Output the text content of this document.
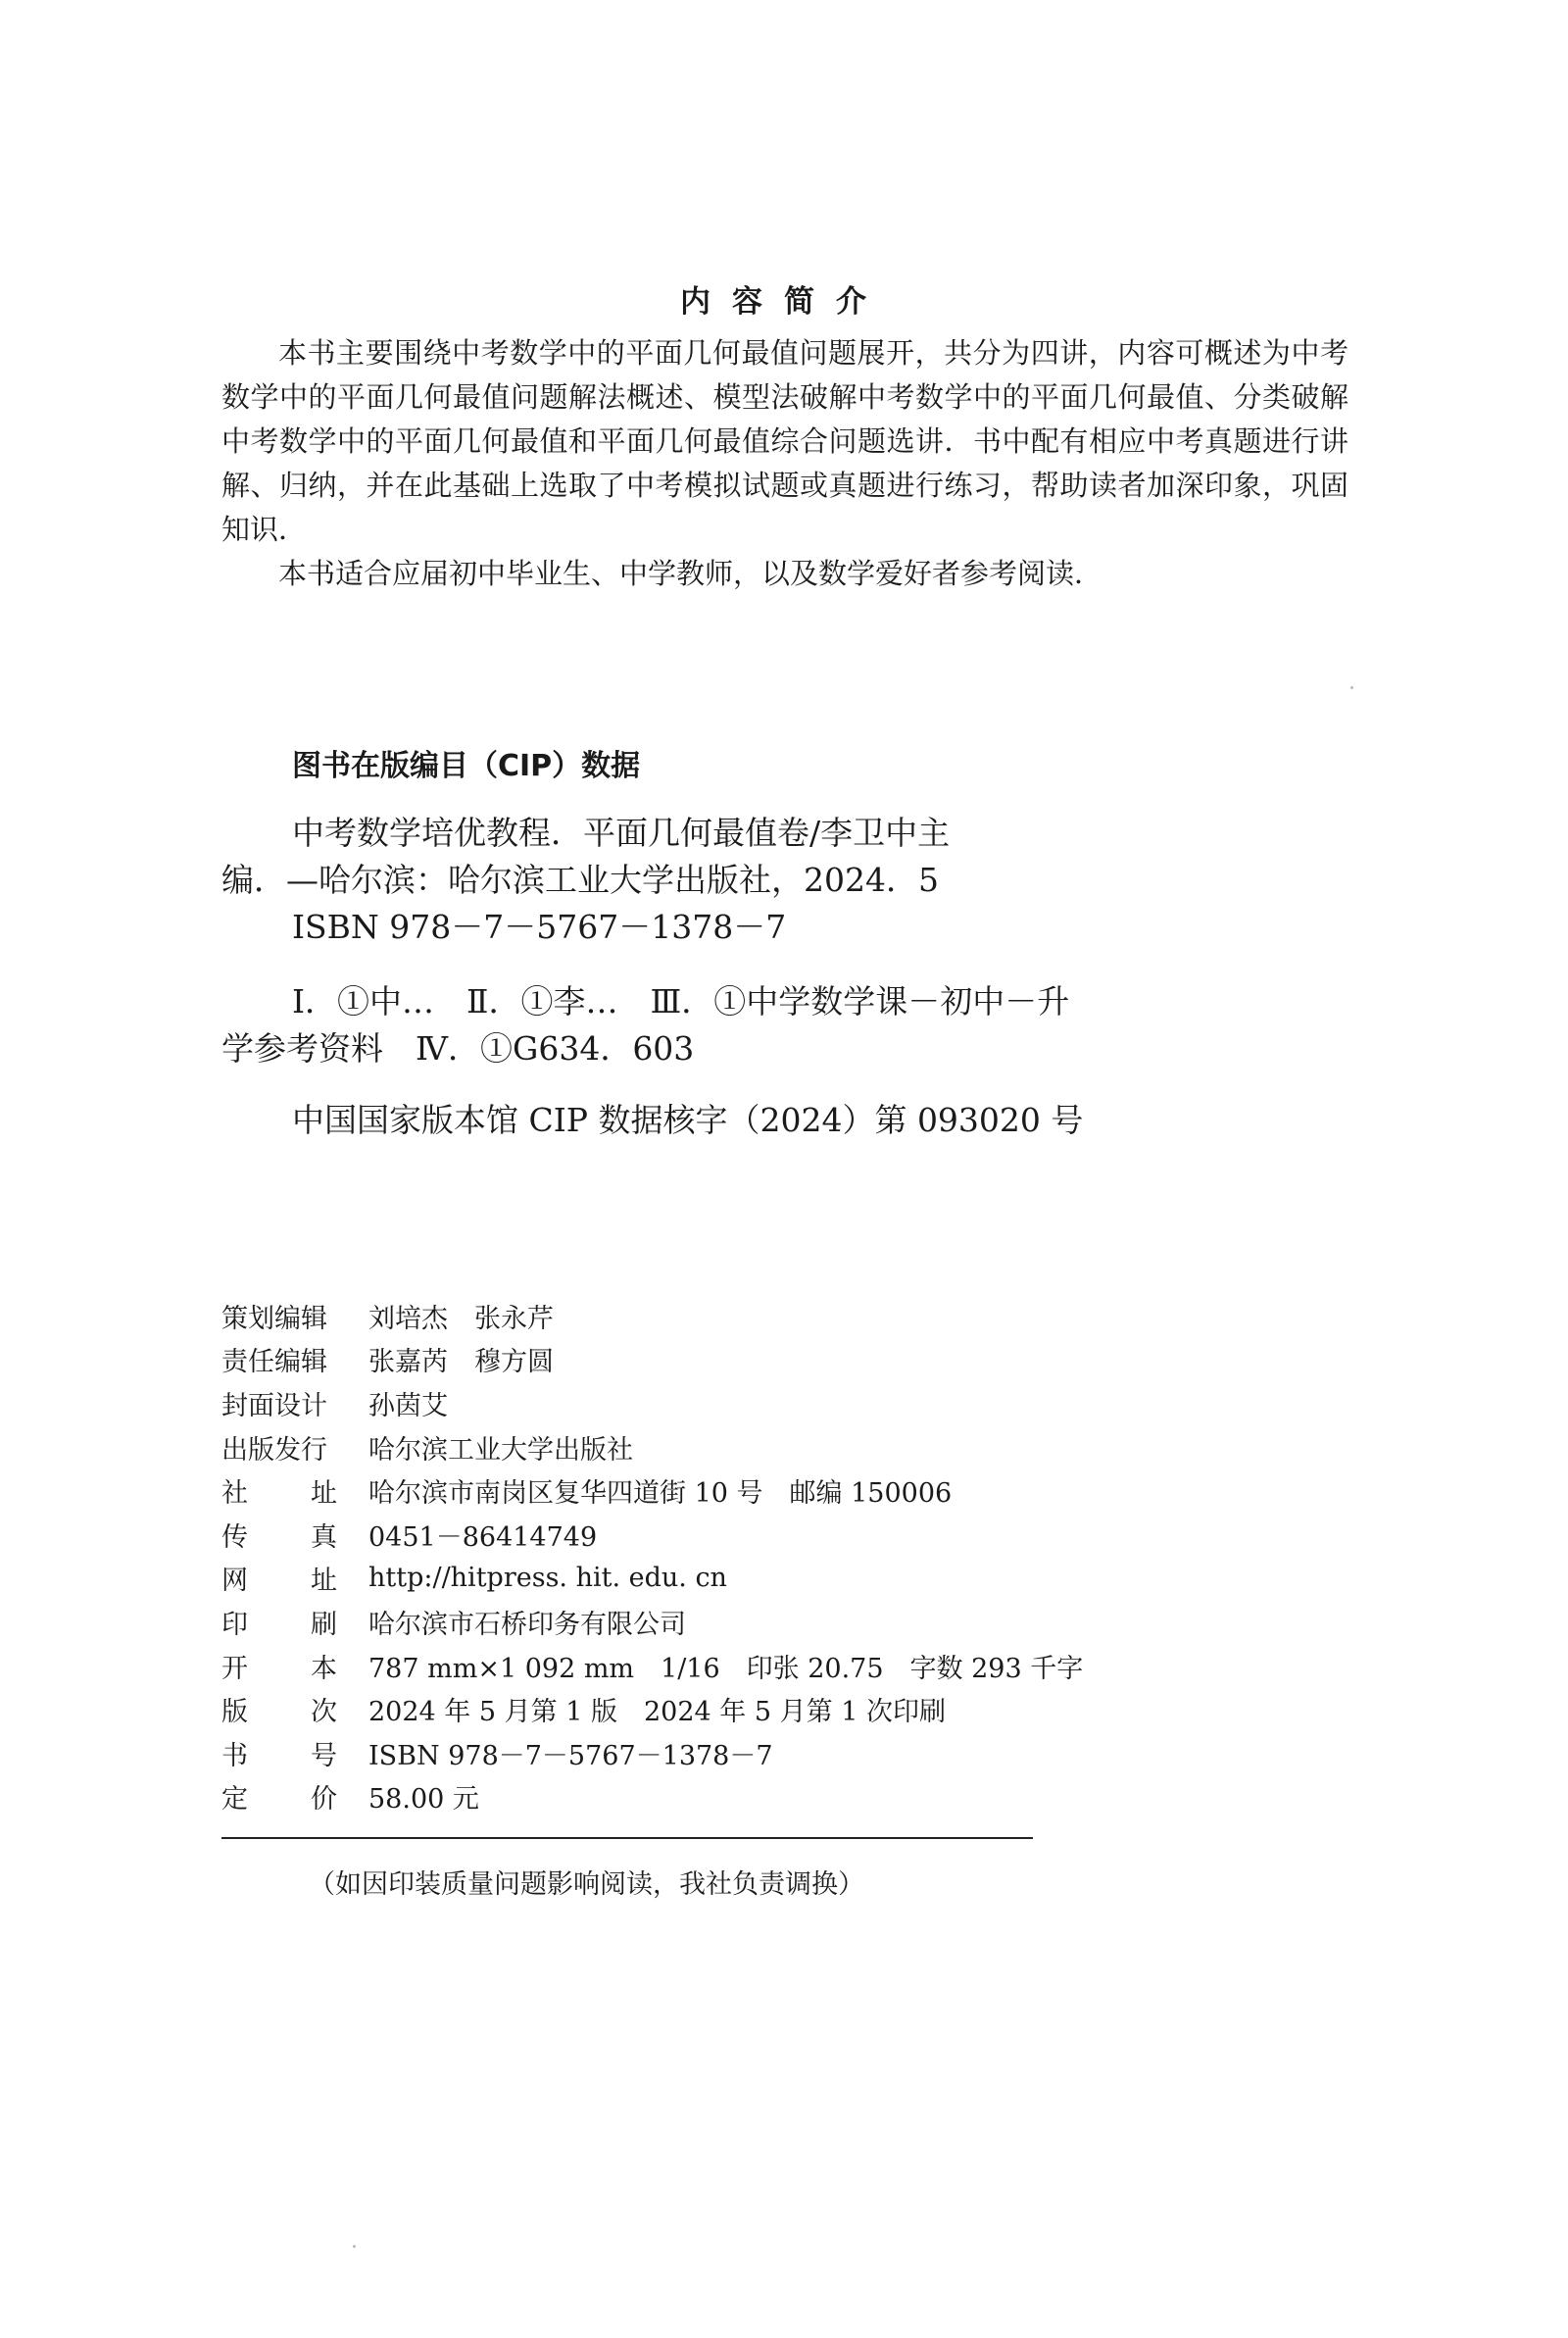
内容简介

本书主要围绕中考数学中的平面几何最值问题展开，共分为四讲，内容可概述为中考数学中的平面几何最值问题解法概述、模型法破解中考数学中的平面几何最值、分类破解中考数学中的平面几何最值和平面几何最值综合问题选讲．书中配有相应中考真题进行讲解、归纳，并在此基础上选取了中考模拟试题或真题进行练习，帮助读者加深印象，巩固知识．

本书适合应届初中毕业生、中学教师，以及数学爱好者参考阅读．

图书在版编目（CIP）数据

中考数学培优教程．平面几何最值卷/李卫中主

编．—哈尔滨：哈尔滨工业大学出版社，2024．5

ISBN 978－7－5767－1378－7

Ⅰ．①中…　Ⅱ．①李…　Ⅲ．①中学数学课－初中－升

学参考资料　Ⅳ．①G634．603

中国国家版本馆 CIP 数据核字（2024）第 093020 号

策划编辑	刘培杰　张永芹
责任编辑	张嘉芮　穆方圆
封面设计	孙茵艾
出版发行	哈尔滨工业大学出版社
社 址 哈尔滨市南岗区复华四道街 10 号　邮编 150006
传 真 0451－86414749
网 址 http://hitpress. hit. edu. cn
印 刷 哈尔滨市石桥印务有限公司
开 本 787 mm×1 092 mm　1/16　印张 20.75　字数 293 千字
版 次 2024 年 5 月第 1 版　2024 年 5 月第 1 次印刷
书 号 ISBN 978－7－5767－1378－7
定 价 58.00 元
（如因印装质量问题影响阅读，我社负责调换）
